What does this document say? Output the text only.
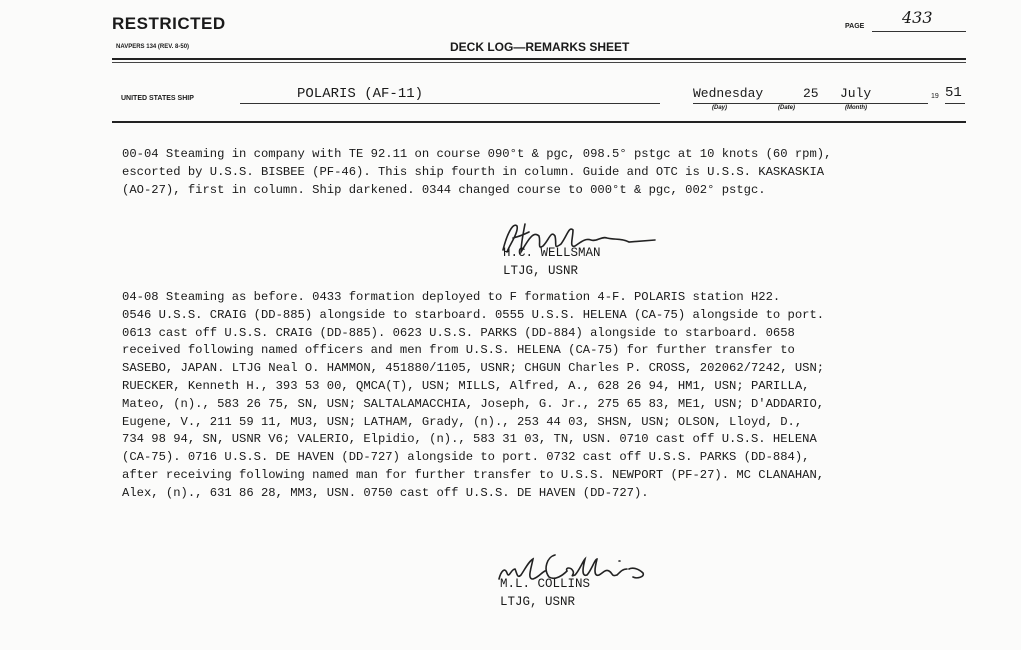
RESTRICTED	PAGE 433
NAVPERS 134 (REV. 8-50)	DECK LOG—REMARKS SHEET
UNITED STATES SHIP	POLARIS (AF-11)	Wednesday	25 July	19 51
(Day)	(Date)	(Month)
00-04 Steaming in company with TE 92.11 on course 090°t & pgc, 098.5° pstgc at 10 knots (60 rpm),
escorted by U.S.S. BISBEE (PF-46). This ship fourth in column. Guide and OTC is U.S.S. KASKASKIA
(AO-27), first in column. Ship darkened. 0344 changed course to 000°t & pgc, 002° pstgc.
H.C. WELLSMAN
LTJG, USNR
04-08 Steaming as before. 0433 formation deployed to F formation 4-F. POLARIS station H22.
0546 U.S.S. CRAIG (DD-885) alongside to starboard. 0555 U.S.S. HELENA (CA-75) alongside to port.
0613 cast off U.S.S. CRAIG (DD-885). 0623 U.S.S. PARKS (DD-884) alongside to starboard. 0658
received following named officers and men from U.S.S. HELENA (CA-75) for further transfer to
SASEBO, JAPAN. LTJG Neal O. HAMMON, 451880/1105, USNR; CHGUN Charles P. CROSS, 202062/7242, USN;
RUECKER, Kenneth H., 393 53 00, QMCA(T), USN; MILLS, Alfred, A., 628 26 94, HM1, USN; PARILLA,
Mateo, (n)., 583 26 75, SN, USN; SALTALAMACCHIA, Joseph, G. Jr., 275 65 83, ME1, USN; D'ADDARIO,
Eugene, V., 211 59 11, MU3, USN; LATHAM, Grady, (n)., 253 44 03, SHSN, USN; OLSON, Lloyd, D.,
734 98 94, SN, USNR V6; VALERIO, Elpidio, (n)., 583 31 03, TN, USN. 0710 cast off U.S.S. HELENA
(CA-75). 0716 U.S.S. DE HAVEN (DD-727) alongside to port. 0732 cast off U.S.S. PARKS (DD-884),
after receiving following named man for further transfer to U.S.S. NEWPORT (PF-27). MC CLANAHAN,
Alex, (n)., 631 86 28, MM3, USN. 0750 cast off U.S.S. DE HAVEN (DD-727).
M.L. COLLINS
LTJG, USNR
